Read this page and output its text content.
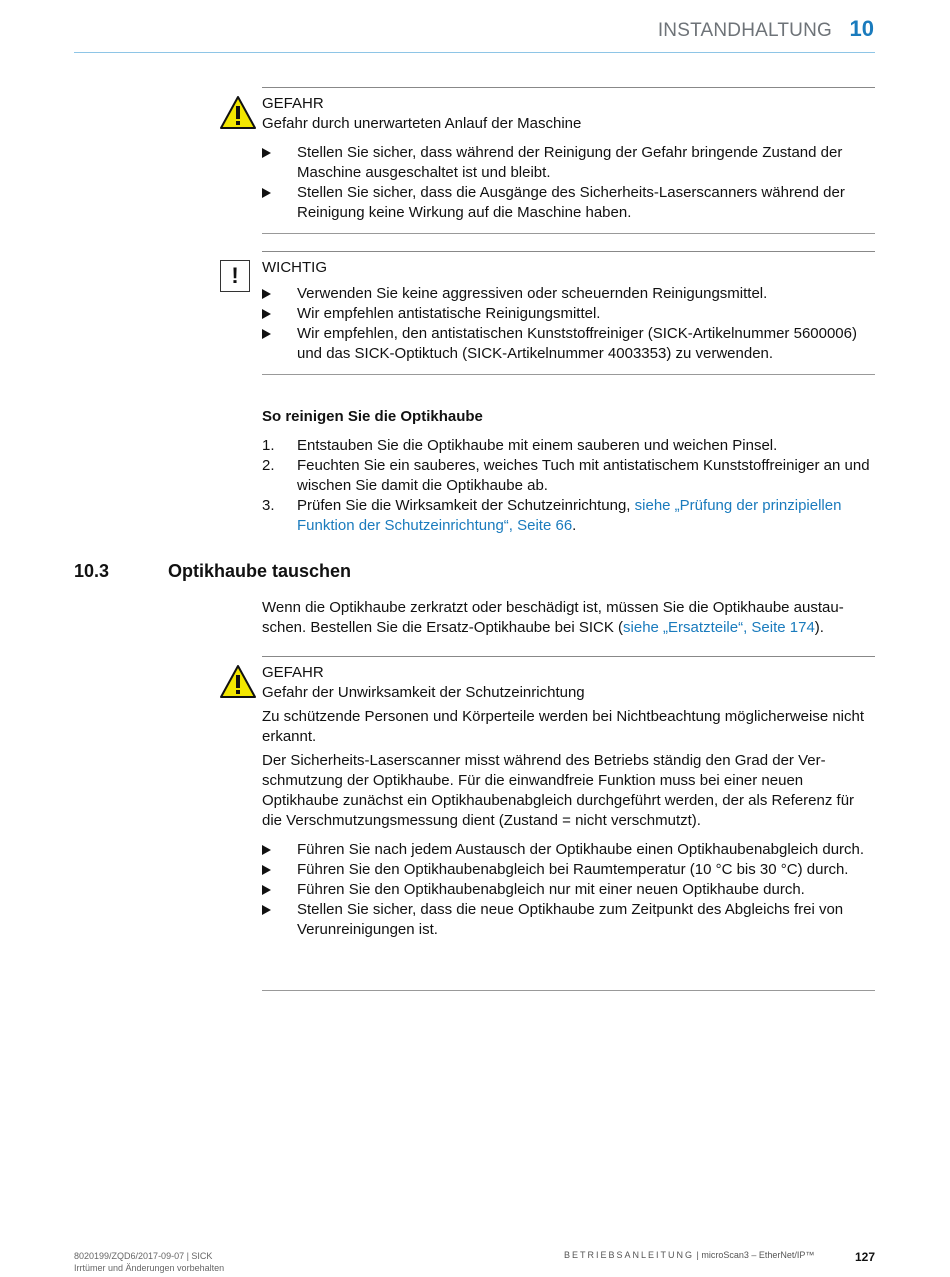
INSTANDHALTUNG 10
GEFAHR
Gefahr durch unerwarteten Anlauf der Maschine
Stellen Sie sicher, dass während der Reinigung der Gefahr bringende Zustand der Maschine ausgeschaltet ist und bleibt.
Stellen Sie sicher, dass die Ausgänge des Sicherheits-Laserscanners während der Reinigung keine Wirkung auf die Maschine haben.
!	WICHTIG
Verwenden Sie keine aggressiven oder scheuernden Reinigungsmittel.
Wir empfehlen antistatische Reinigungsmittel.
Wir empfehlen, den antistatischen Kunststoffreiniger (SICK-Artikelnummer 5600006) und das SICK-Optiktuch (SICK-Artikelnummer 4003353) zu verwenden.
So reinigen Sie die Optikhaube
1. Entstauben Sie die Optikhaube mit einem sauberen und weichen Pinsel.
2. Feuchten Sie ein sauberes, weiches Tuch mit antistatischem Kunststoffreiniger an und wischen Sie damit die Optikhaube ab.
3. Prüfen Sie die Wirksamkeit der Schutzeinrichtung, siehe „Prüfung der prinzipiellen Funktion der Schutzeinrichtung“, Seite 66.
10.3	Optikhaube tauschen
Wenn die Optikhaube zerkratzt oder beschädigt ist, müssen Sie die Optikhaube austauschen. Bestellen Sie die Ersatz-Optikhaube bei SICK (siehe „Ersatzteile“, Seite 174).
GEFAHR
Gefahr der Unwirksamkeit der Schutzeinrichtung

Zu schützende Personen und Körperteile werden bei Nichtbeachtung möglicherweise nicht erkannt.

Der Sicherheits-Laserscanner misst während des Betriebs ständig den Grad der Verschmutzung der Optikhaube. Für die einwandfreie Funktion muss bei einer neuen Optikhaube zunächst ein Optikhaubenabgleich durchgeführt werden, der als Referenz für die Verschmutzungsmessung dient (Zustand = nicht verschmutzt).

Führen Sie nach jedem Austausch der Optikhaube einen Optikhaubenabgleich durch.
Führen Sie den Optikhaubenabgleich bei Raumtemperatur (10 °C bis 30 °C) durch.
Führen Sie den Optikhaubenabgleich nur mit einer neuen Optikhaube durch.
Stellen Sie sicher, dass die neue Optikhaube zum Zeitpunkt des Abgleichs frei von Verunreinigungen ist.
8020199/ZQD6/2017-09-07 | SICK
Irrtümer und Änderungen vorbehalten
BETRIEBSANLEITUNG | microScan3 – EtherNet/IP™	127
